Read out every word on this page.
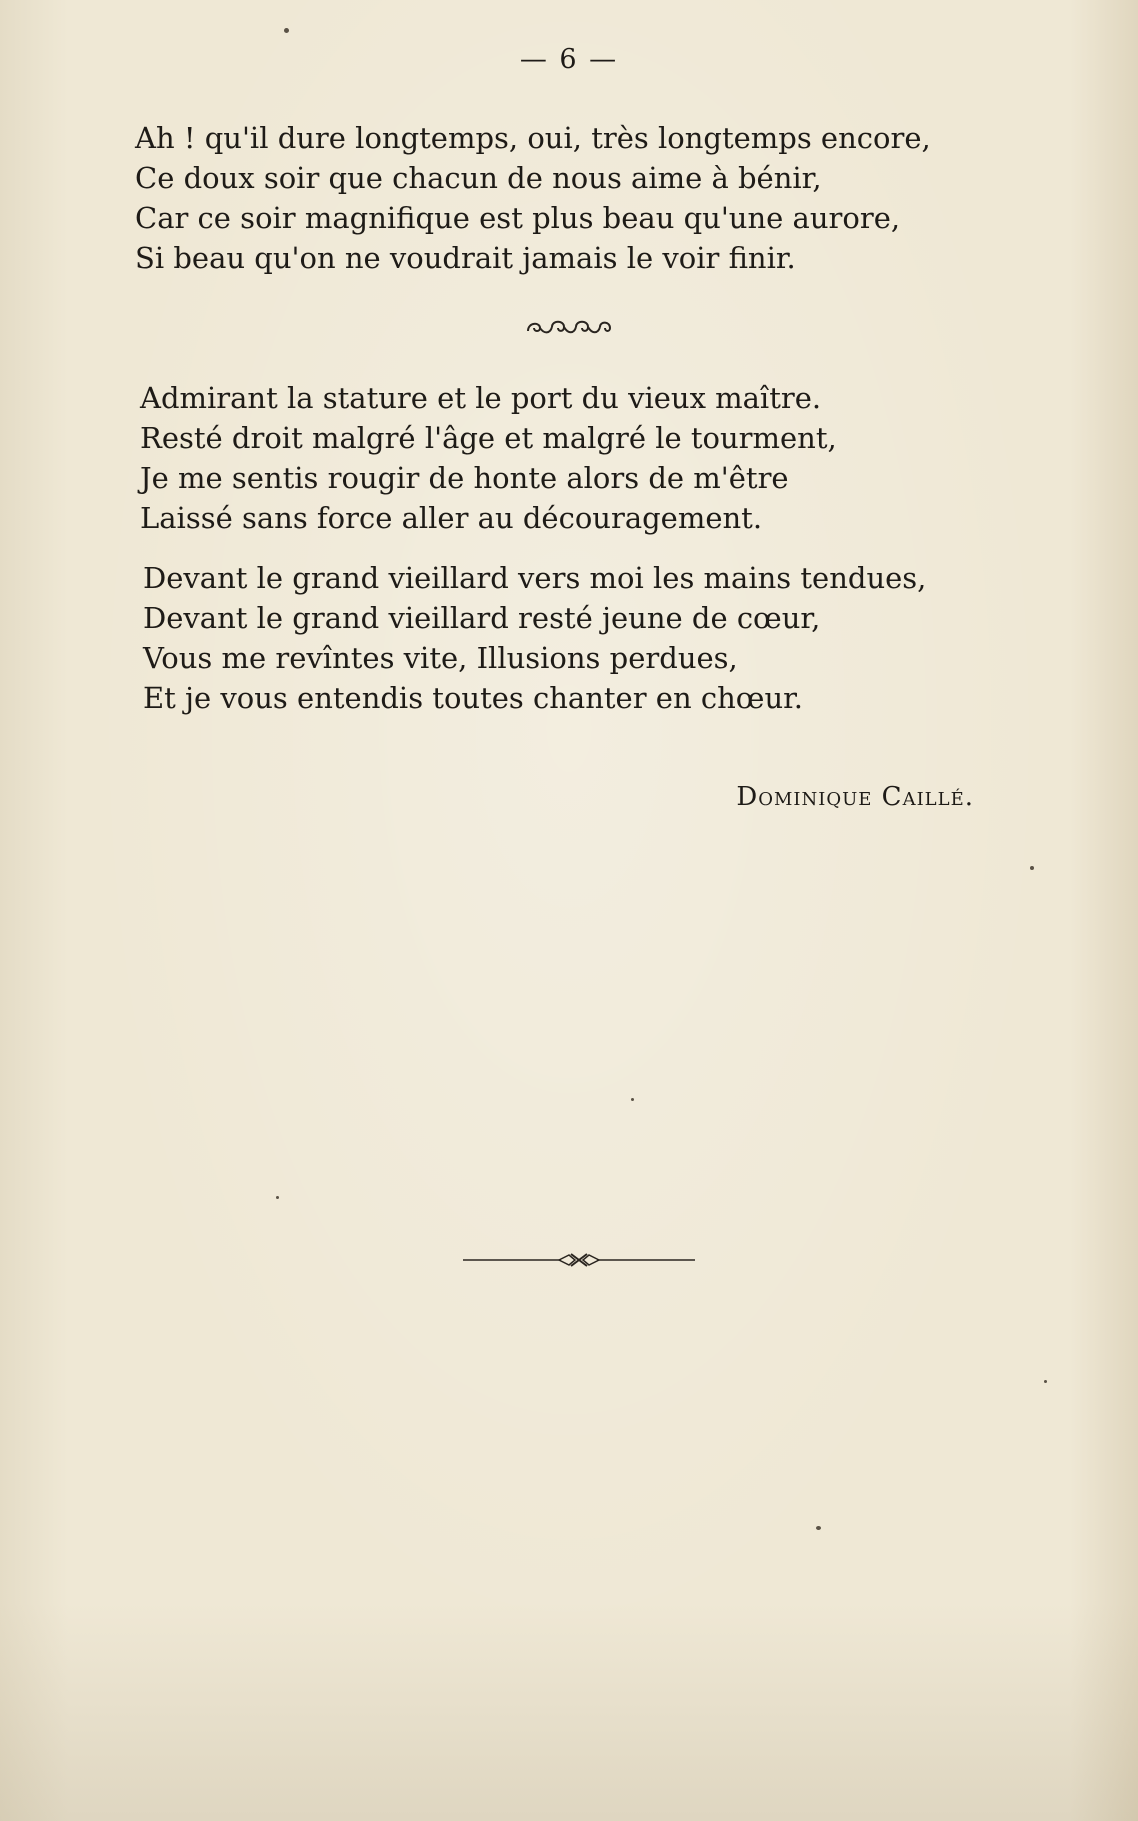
— 6 —
Ah ! qu'il dure longtemps, oui, très longtemps encore,
Ce doux soir que chacun de nous aime à bénir,
Car ce soir magnifique est plus beau qu'une aurore,
Si beau qu'on ne voudrait jamais le voir finir.
Admirant la stature et le port du vieux maître.
Resté droit malgré l'âge et malgré le tourment,
Je me sentis rougir de honte alors de m'être
Laissé sans force aller au découragement.
Devant le grand vieillard vers moi les mains tendues,
Devant le grand vieillard resté jeune de cœur,
Vous me revîntes vite, Illusions perdues,
Et je vous entendis toutes chanter en chœur.
Dominique Caillé.
